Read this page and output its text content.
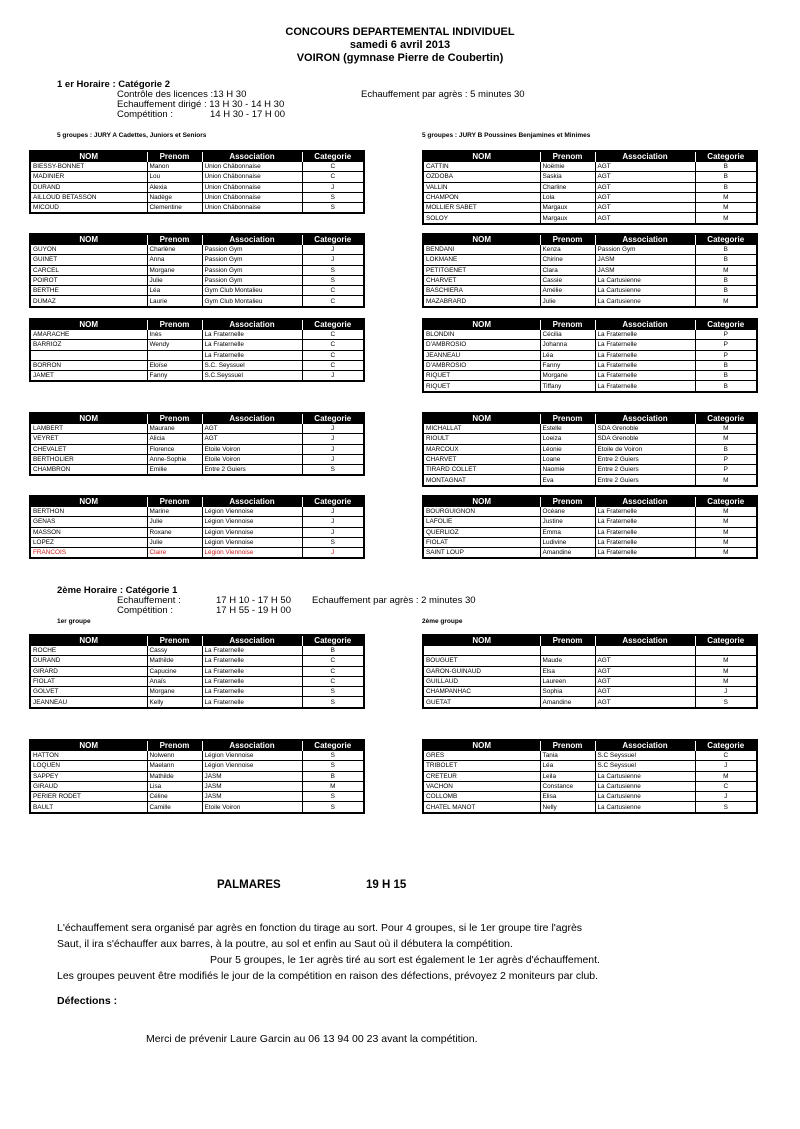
CONCOURS DEPARTEMENTAL INDIVIDUEL
samedi 6 avril 2013
VOIRON (gymnase Pierre de Coubertin)
1 er Horaire : Catégorie 2
Contrôle des licences :13 H 30
Echauffement dirigé : 13 H 30 - 14 H 30
Compétition :	14 H 30 - 17 H 00
Echauffement par agrès : 5 minutes 30
5 groupes : JURY A Cadettes, Juniors et Seniors	5 groupes : JURY B Poussines Benjamines et Minimes
NOM	Prenom	Association	Categorie
BIESSY-BONNET	Manon	Union Chäbonnaise	C
MADINIER	Lou	Union Chäbonnaise	C
DURAND	Alexia	Union Chäbonnaise	J
AILLOUD BETASSON	Nadège	Union Chäbonnaise	S
MICOUD	Clementine	Union Chäbonnaise	S
NOM	Prenom	Association	Categorie
GUYON	Charlène	Passion Gym	J
GUINET	Anna	Passion Gym	J
CARCEL	Morgane	Passion Gym	S
POIROT	Julie	Passion Gym	S
BERTHE	Léa	Gym Club Montalieu	C
DUMAZ	Laurie	Gym Club Montalieu	C
NOM	Prenom	Association	Categorie
AMARACHE	Inès	La Fraternelle	C
BARRIOZ	Wendy	La Fraternelle	C
		La Fraternelle	C
BORRON	Eloïse	S.C. Seyssuel	C
JAMET	Fanny	S.C.Seyssuel	J
NOM	Prenom	Association	Categorie
LAMBERT	Maurane	AGT	J
VEYRET	Alicia	AGT	J
CHEVALET	Florence	Etoile Voiron	J
BERTHOLIER	Anne-Sophie	Etoile Voiron	J
CHAMBRON	Emilie	Entre 2 Guiers	S
NOM	Prenom	Association	Categorie
BERTHON	Marine	Légion Viennoise	J
GENAS	Julie	Légion Viennoise	J
MASSON	Roxane	Légion Viennoise	J
LOPEZ	Julie	Légion Viennoise	S
FRANCOIS	Claire	Légion Viennoise	J
NOM	Prenom	Association	Categorie
CATTIN	Noëmie	AGT	B
OZDOBA	Saskia	AGT	B
VALLIN	Charline	AGT	B
CHAMPON	Lola	AGT	M
MOLLIER SABET	Margaux	AGT	M
SOLOY	Margaux	AGT	M
NOM	Prenom	Association	Categorie
BENDANI	Kenza	Passion Gym	B
LOKMANE	Chirine	JASM	B
PETITGENET	Clara	JASM	M
CHARVET	Cassie	La Cartusienne	B
BASCHIERA	Amélie	La Cartusienne	B
MAZABRARD	Julie	La Cartusienne	M
NOM	Prenom	Association	Categorie
BLONDIN	Cécilia	La Fraternelle	P
D'AMBROSIO	Johanna	La Fraternelle	P
JEANNEAU	Léa	La Fraternelle	P
D'AMBROSIO	Fanny	La Fraternelle	B
RIQUET	Morgane	La Fraternelle	B
RIQUET	Tiffany	La Fraternelle	B
NOM	Prenom	Association	Categorie
MICHALLAT	Estelle	SDA Grenoble	M
RIOULT	Loeiza	SDA Grenoble	M
MARCOUX	Léonie	Etoile de Voiron	B
CHARVET	Loane	Entre 2 Guiers	P
TIRARD COLLET	Naomie	Entre 2 Guiers	P
MONTAGNAT	Eva	Entre 2 Guiers	M
NOM	Prenom	Association	Categorie
BOURGUIGNON	Océane	La Fraternelle	M
LAFOLIE	Justine	La Fraternelle	M
QUERLIOZ	Emma	La Fraternelle	M
FIOLAT	Ludivine	La Fraternelle	M
SAINT LOUP	Amandine	La Fraternelle	M
NOM	Prenom	Association	Categorie
ROCHE	Cassy	La Fraternelle	B
DURAND	Mathilde	La Fraternelle	C
GIRARD	Capucine	La Fraternelle	C
FIOLAT	Anaïs	La Fraternelle	C
GOLVET	Morgane	La Fraternelle	S
JEANNEAU	Kelly	La Fraternelle	S
NOM	Prenom	Association	Categorie
HATTON	Nolwenn	Légion Viennoise	S
LOQUEN	Maelann	Légion Viennoise	S
SAPPEY	Mathilde	JASM	B
GIRAUD	Lisa	JASM	M
PERIER RODET	Céline	JASM	S
BAULT	Camille	Etoile Voiron	S
NOM	Prenom	Association	Categorie

BOUGUET	Maude	AGT	M
GARON-GUINAUD	Elsa	AGT	M
GUILLAUD	Laureen	AGT	M
CHAMPANHAC	Sophia	AGT	J
GUETAT	Amandine	AGT	S
NOM	Prenom	Association	Categorie
GRES	Tania	S.C Seyssuel	C
TRIBOLET	Léa	S.C Seyssuel	J
CRETEUR	Leila	La Cartusienne	M
VACHON	Constance	La Cartusienne	C
COLLOMB	Elisa	La Cartusienne	J
CHATEL MANOT	Nelly	La Cartusienne	S
2ème Horaire : Catégorie 1
Echauffement :	17 H 10 - 17 H 50 Echauffement par agrès : 2 minutes 30
Compétition :	17 H 55 - 19 H 00
1er groupe	2ème groupe
PALMARES	19 H 15
L'échauffement sera organisé par agrès en fonction du tirage au sort. Pour 4 groupes, si le 1er groupe tire l'agrès
Saut, il ira s'échauffer aux barres, à la poutre, au sol et enfin au Saut où il débutera la compétition.
Pour 5 groupes, le 1er agrès tiré au sort est également le 1er agrès d'échauffement.
Les groupes peuvent être modifiés le jour de la compétition en raison des défections, prévoyez 2 moniteurs par club.
Défections :
Merci de prévenir Laure Garcin au 06 13 94 00 23 avant la compétition.
